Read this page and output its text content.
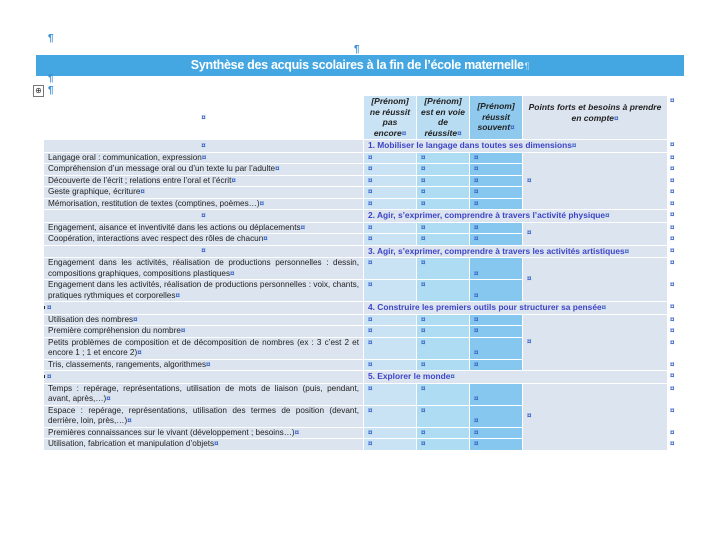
¶
¶
Synthèse des acquis scolaires à la fin de l’école maternelle¶
¶
⊕ ¶
¤	[Prénom] ne réussit pas encore¤	[Prénom] est en voie de réussite¤	[Prénom] réussit souvent¤	Points forts et besoins à prendre en compte¤	¤
¤	1. Mobiliser le langage dans toutes ses dimensions¤				¤
Langage oral : communication, expression¤	¤	¤	¤	¤	¤
Compréhension d’un message oral ou d’un texte lu par l’adulte¤	¤	¤	¤		¤
Découverte de l’écrit ; relations entre l’oral et l’écrit¤	¤	¤	¤		¤
Geste graphique, écriture¤	¤	¤	¤		¤
Mémorisation, restitution de textes (comptines, poèmes…)¤	¤	¤	¤		¤
¤	2. Agir, s’exprimer, comprendre à travers l’activité physique¤				¤
Engagement, aisance et inventivité dans les actions ou déplacements¤	¤	¤	¤	¤	¤
Coopération, interactions avec respect des rôles de chacun¤	¤	¤	¤		¤
¤	3. Agir, s’exprimer, comprendre à travers les activités artistiques¤				¤
Engagement dans les activités, réalisation de productions personnelles : dessin, compositions graphiques, compositions plastiques¤	¤	¤	¤	¤	¤
Engagement dans les activités, réalisation de productions personnelles : voix, chants, pratiques rythmiques et corporelles¤	¤	¤	¤		¤
¤	4. Construire les premiers outils pour structurer sa pensée¤				¤
Utilisation des nombres¤	¤	¤	¤	¤	¤
Première compréhension du nombre¤	¤	¤	¤		¤
Petits problèmes de composition et de décomposition de nombres (ex : 3 c’est 2 et encore 1 ; 1 et encore 2)¤	¤	¤	¤		¤
Tris, classements, rangements, algorithmes¤	¤	¤	¤		¤
¤	5. Explorer le monde¤				¤
Temps : repérage, représentations, utilisation de mots de liaison (puis, pendant, avant, après,…)¤	¤	¤	¤	¤	¤
Espace : repérage, représentations, utilisation des termes de position (devant, derrière, loin, près,…)¤	¤	¤	¤		¤
Premières connaissances sur le vivant (développement ; besoins…)¤	¤	¤	¤		¤
Utilisation, fabrication et manipulation d’objets¤	¤	¤	¤		¤
